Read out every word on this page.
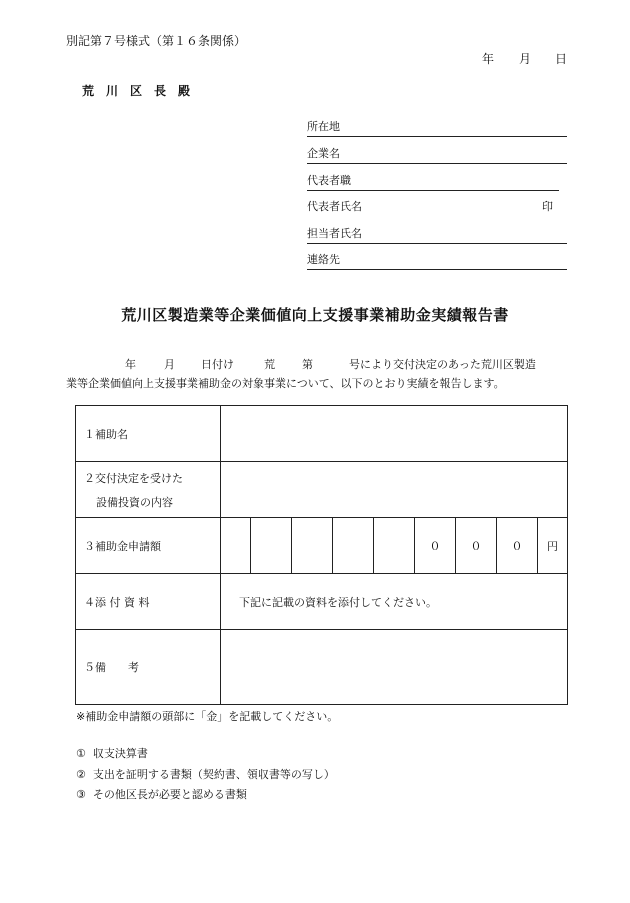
別記第７号様式（第１６条関係）
年 月 日
荒川区長殿
所在地
企業名
代表者職
代表者氏名	印
担当者氏名
連絡先
荒川区製造業等企業価値向上支援事業補助金実績報告書
年	月 日付け	荒 第	号により交付決定のあった荒川区製造
業等企業価値向上支援事業補助金の対象事業について、以下のとおり実績を報告します。
１補助名									

２交付決定を受けた
設備投資の内容									

３補助金申請額						０	０	０	円
４添 付 資 料	下記に記載の資料を添付してください。								
５備　　考									
※補助金申請額の頭部に「金」を記載してください。
① 収支決算書
② 支出を証明する書類（契約書、領収書等の写し）
③ その他区長が必要と認める書類
